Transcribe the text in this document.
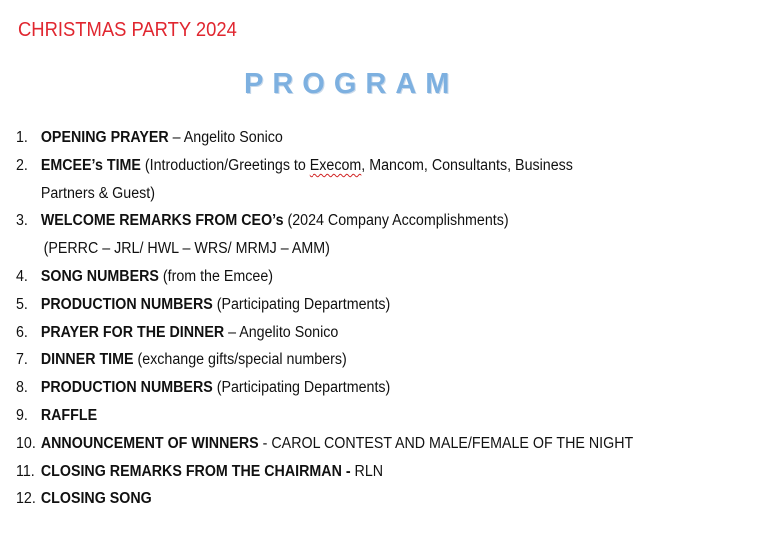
CHRISTMAS PARTY 2024
PROGRAM
1. OPENING PRAYER – Angelito Sonico
2. EMCEE’s TIME (Introduction/Greetings to Execom, Mancom, Consultants, Business
Partners & Guest)
3. WELCOME REMARKS FROM CEO’s (2024 Company Accomplishments)
(PERRC – JRL/ HWL – WRS/ MRMJ – AMM)
4. SONG NUMBERS (from the Emcee)
5. PRODUCTION NUMBERS (Participating Departments)
6. PRAYER FOR THE DINNER – Angelito Sonico
7. DINNER TIME (exchange gifts/special numbers)
8. PRODUCTION NUMBERS (Participating Departments)
9. RAFFLE
10. ANNOUNCEMENT OF WINNERS - CAROL CONTEST AND MALE/FEMALE OF THE NIGHT
11. CLOSING REMARKS FROM THE CHAIRMAN - RLN
12. CLOSING SONG
